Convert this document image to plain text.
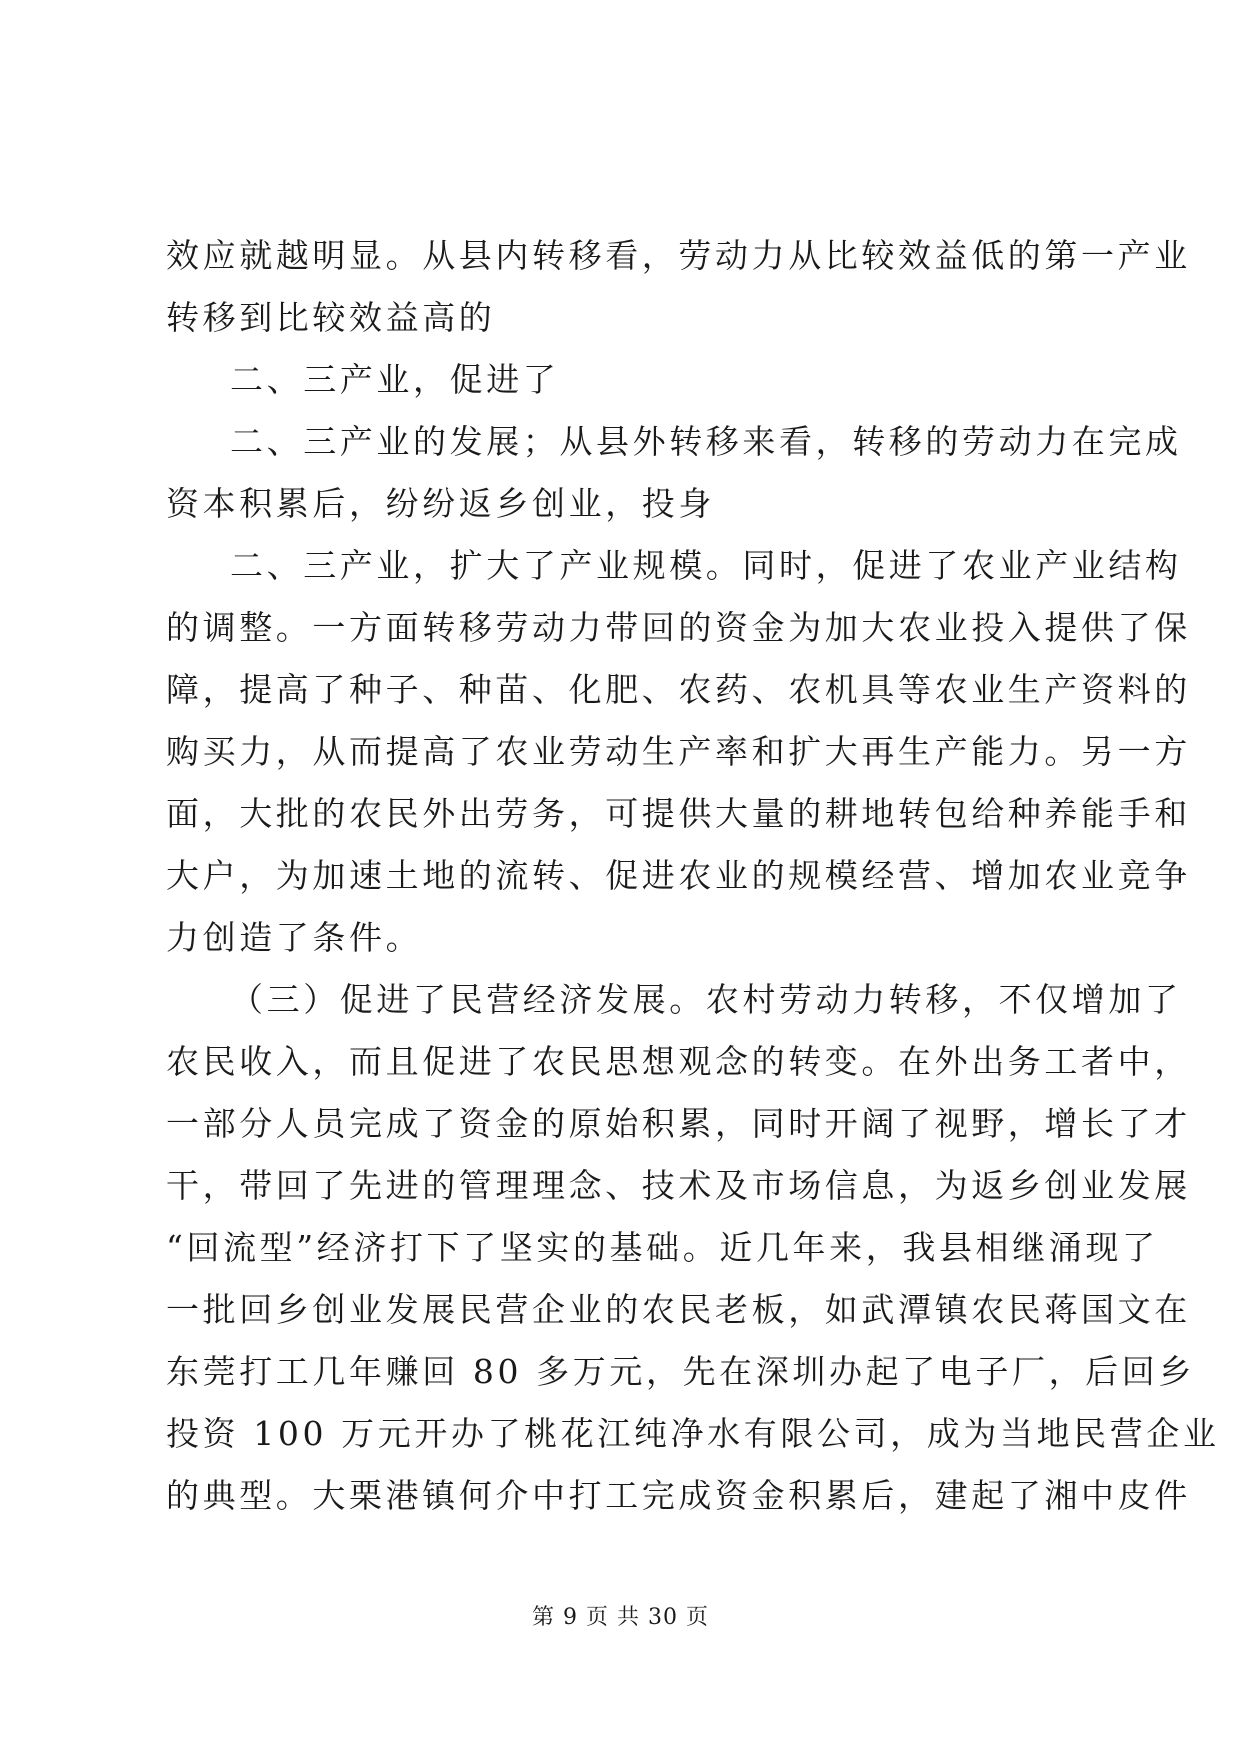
效应就越明显。从县内转移看，劳动力从比较效益低的第一产业
转移到比较效益高的
二、三产业，促进了
二、三产业的发展；从县外转移来看，转移的劳动力在完成
资本积累后，纷纷返乡创业，投身
二、三产业，扩大了产业规模。同时，促进了农业产业结构
的调整。一方面转移劳动力带回的资金为加大农业投入提供了保
障，提高了种子、种苗、化肥、农药、农机具等农业生产资料的
购买力，从而提高了农业劳动生产率和扩大再生产能力。另一方
面，大批的农民外出劳务，可提供大量的耕地转包给种养能手和
大户，为加速土地的流转、促进农业的规模经营、增加农业竞争
力创造了条件。
（三）促进了民营经济发展。农村劳动力转移，不仅增加了
农民收入，而且促进了农民思想观念的转变。在外出务工者中，
一部分人员完成了资金的原始积累，同时开阔了视野，增长了才
干，带回了先进的管理理念、技术及市场信息，为返乡创业发展
“回流型”经济打下了坚实的基础。近几年来，我县相继涌现了
一批回乡创业发展民营企业的农民老板，如武潭镇农民蒋国文在
东莞打工几年赚回 80 多万元，先在深圳办起了电子厂，后回乡
投资 100 万元开办了桃花江纯净水有限公司，成为当地民营企业
的典型。大栗港镇何介中打工完成资金积累后，建起了湘中皮件
第 9 页 共 30 页
